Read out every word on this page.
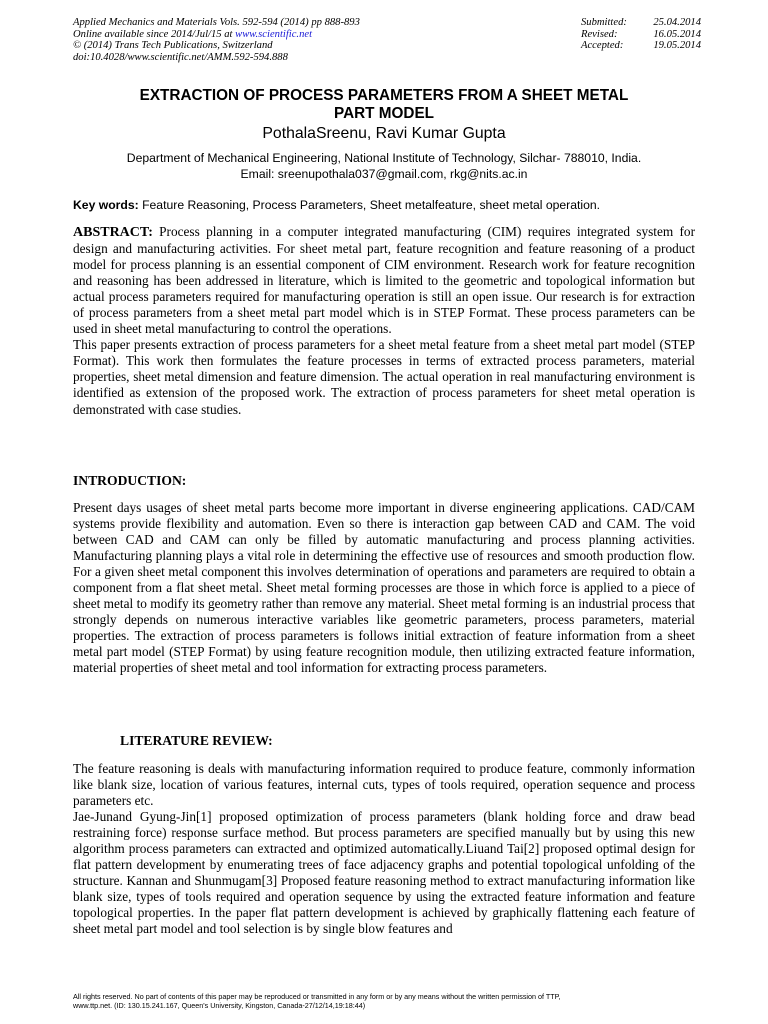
Applied Mechanics and Materials Vols. 592-594 (2014) pp 888-893
Online available since 2014/Jul/15 at www.scientific.net
© (2014) Trans Tech Publications, Switzerland
doi:10.4028/www.scientific.net/AMM.592-594.888
Submitted:	25.04.2014
Revised:	16.05.2014
Accepted:	19.05.2014
EXTRACTION OF PROCESS PARAMETERS FROM A SHEET METAL
PART MODEL
PothalaSreenu, Ravi Kumar Gupta
Department of Mechanical Engineering, National Institute of Technology, Silchar- 788010, India.
Email: sreenupothala037@gmail.com, rkg@nits.ac.in
Key words: Feature Reasoning, Process Parameters, Sheet metalfeature, sheet metal operation.

ABSTRACT: Process planning in a computer integrated manufacturing (CIM) requires integrated system for design and manufacturing activities. For sheet metal part, feature recognition and feature reasoning of a product model for process planning is an essential component of CIM environment. Research work for feature recognition and reasoning has been addressed in literature, which is limited to the geometric and topological information but actual process parameters required for manufacturing operation is still an open issue. Our research is for extraction of process parameters from a sheet metal part model which is in STEP Format. These process parameters can be used in sheet metal manufacturing to control the operations.

This paper presents extraction of process parameters for a sheet metal feature from a sheet metal part model (STEP Format). This work then formulates the feature processes in terms of extracted process parameters, material properties, sheet metal dimension and feature dimension. The actual operation in real manufacturing environment is identified as extension of the proposed work. The extraction of process parameters for sheet metal operation is demonstrated with case studies.

INTRODUCTION:

Present days usages of sheet metal parts become more important in diverse engineering applications. CAD/CAM systems provide flexibility and automation. Even so there is interaction gap between CAD and CAM. The void between CAD and CAM can only be filled by automatic manufacturing and process planning activities. Manufacturing planning plays a vital role in determining the effective use of resources and smooth production flow. For a given sheet metal component this involves determination of operations and parameters are required to obtain a component from a flat sheet metal. Sheet metal forming processes are those in which force is applied to a piece of sheet metal to modify its geometry rather than remove any material. Sheet metal forming is an industrial process that strongly depends on numerous interactive variables like geometric parameters, process parameters, material properties. The extraction of process parameters is follows initial extraction of feature information from a sheet metal part model (STEP Format) by using feature recognition module, then utilizing extracted feature information, material properties of sheet metal and tool information for extracting process parameters.

LITERATURE REVIEW:

The feature reasoning is deals with manufacturing information required to produce feature, commonly information like blank size, location of various features, internal cuts, types of tools required, operation sequence and process parameters etc.

Jae-Junand Gyung-Jin[1] proposed optimization of process parameters (blank holding force and draw bead restraining force) response surface method. But process parameters are specified manually but by using this new algorithm process parameters can extracted and optimized automatically.Liuand Tai[2] proposed optimal design for flat pattern development by enumerating trees of face adjacency graphs and potential topological unfolding of the structure. Kannan and Shunmugam[3] Proposed feature reasoning method to extract manufacturing information like blank size, types of tools required and operation sequence by using the extracted feature information and feature topological properties. In the paper flat pattern development is achieved by graphically flattening each feature of sheet metal part model and tool selection is by single blow features and

All rights reserved. No part of contents of this paper may be reproduced or transmitted in any form or by any means without the written permission of TTP,
www.ttp.net. (ID: 130.15.241.167, Queen's University, Kingston, Canada-27/12/14,19:18:44)
